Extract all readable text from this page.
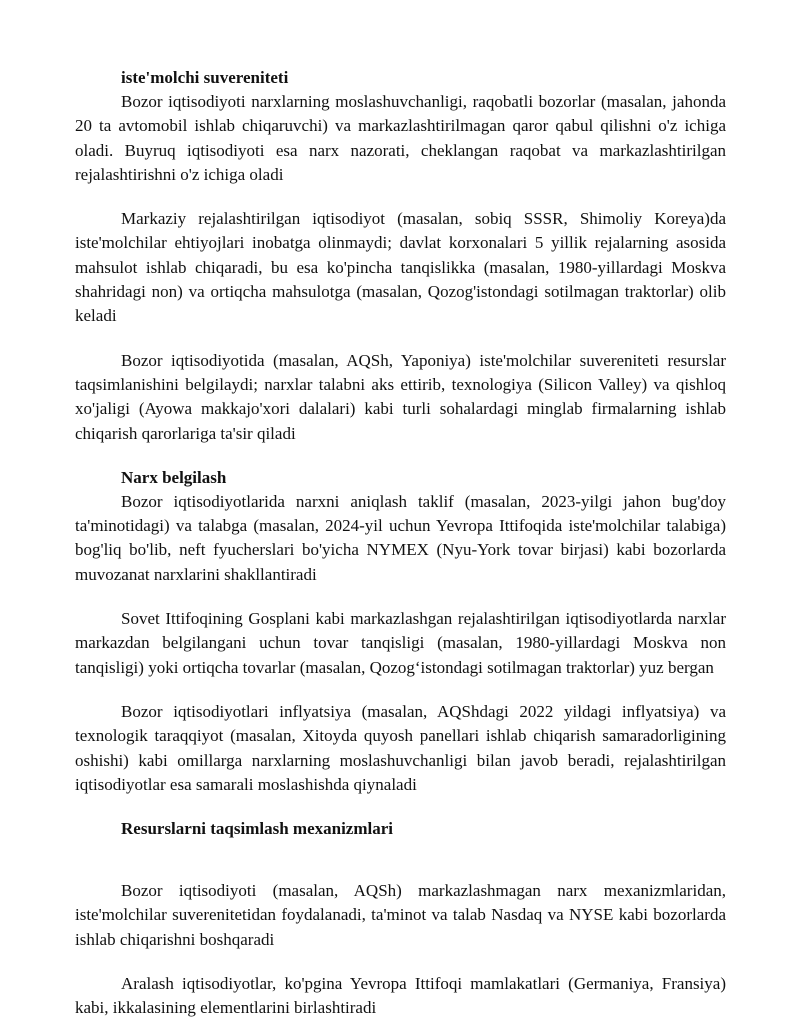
iste'molchi suvereniteti

Bozor iqtisodiyoti narxlarning moslashuvchanligi, raqobatli bozorlar (masalan, jahonda 20 ta avtomobil ishlab chiqaruvchi) va markazlashtirilmagan qaror qabul qilishni o'z ichiga oladi. Buyruq iqtisodiyoti esa narx nazorati, cheklangan raqobat va markazlashtirilgan rejalashtirishni o'z ichiga oladi

Markaziy rejalashtirilgan iqtisodiyot (masalan, sobiq SSSR, Shimoliy Koreya)da iste'molchilar ehtiyojlari inobatga olinmaydi; davlat korxonalari 5 yillik rejalarning asosida mahsulot ishlab chiqaradi, bu esa ko'pincha tanqislikka (masalan, 1980-yillardagi Moskva shahridagi non) va ortiqcha mahsulotga (masalan, Qozog'istondagi sotilmagan traktorlar) olib keladi

Bozor iqtisodiyotida (masalan, AQSh, Yaponiya) iste'molchilar suvereniteti resurslar taqsimlanishini belgilaydi; narxlar talabni aks ettirib, texnologiya (Silicon Valley) va qishloq xo'jaligi (Ayowa makkajo'xori dalalari) kabi turli sohalardagi minglab firmalarning ishlab chiqarish qarorlariga ta'sir qiladi

Narx belgilash

Bozor iqtisodiyotlarida narxni aniqlash taklif (masalan, 2023-yilgi jahon bug'doy ta'minotidagi) va talabga (masalan, 2024-yil uchun Yevropa Ittifoqida iste'molchilar talabiga) bog'liq bo'lib, neft fyucherslari bo'yicha NYMEX (Nyu-York tovar birjasi) kabi bozorlarda muvozanat narxlarini shakllantiradi

Sovet Ittifoqining Gosplani kabi markazlashgan rejalashtirilgan iqtisodiyotlarda narxlar markazdan belgilangani uchun tovar tanqisligi (masalan, 1980-yillardagi Moskva non tanqisligi) yoki ortiqcha tovarlar (masalan, Qozog‘istondagi sotilmagan traktorlar) yuz bergan

Bozor iqtisodiyotlari inflyatsiya (masalan, AQShdagi 2022 yildagi inflyatsiya) va texnologik taraqqiyot (masalan, Xitoyda quyosh panellari ishlab chiqarish samaradorligining oshishi) kabi omillarga narxlarning moslashuvchanligi bilan javob beradi, rejalashtirilgan iqtisodiyotlar esa samarali moslashishda qiynaladi

Resurslarni taqsimlash mexanizmlari

Bozor iqtisodiyoti (masalan, AQSh) markazlashmagan narx mexanizmlaridan, iste'molchilar suverenitetidan foydalanadi, ta'minot va talab Nasdaq va NYSE kabi bozorlarda ishlab chiqarishni boshqaradi

Aralash iqtisodiyotlar, ko'pgina Yevropa Ittifoqi mamlakatlari (Germaniya, Fransiya) kabi, ikkalasining elementlarini birlashtiradi
